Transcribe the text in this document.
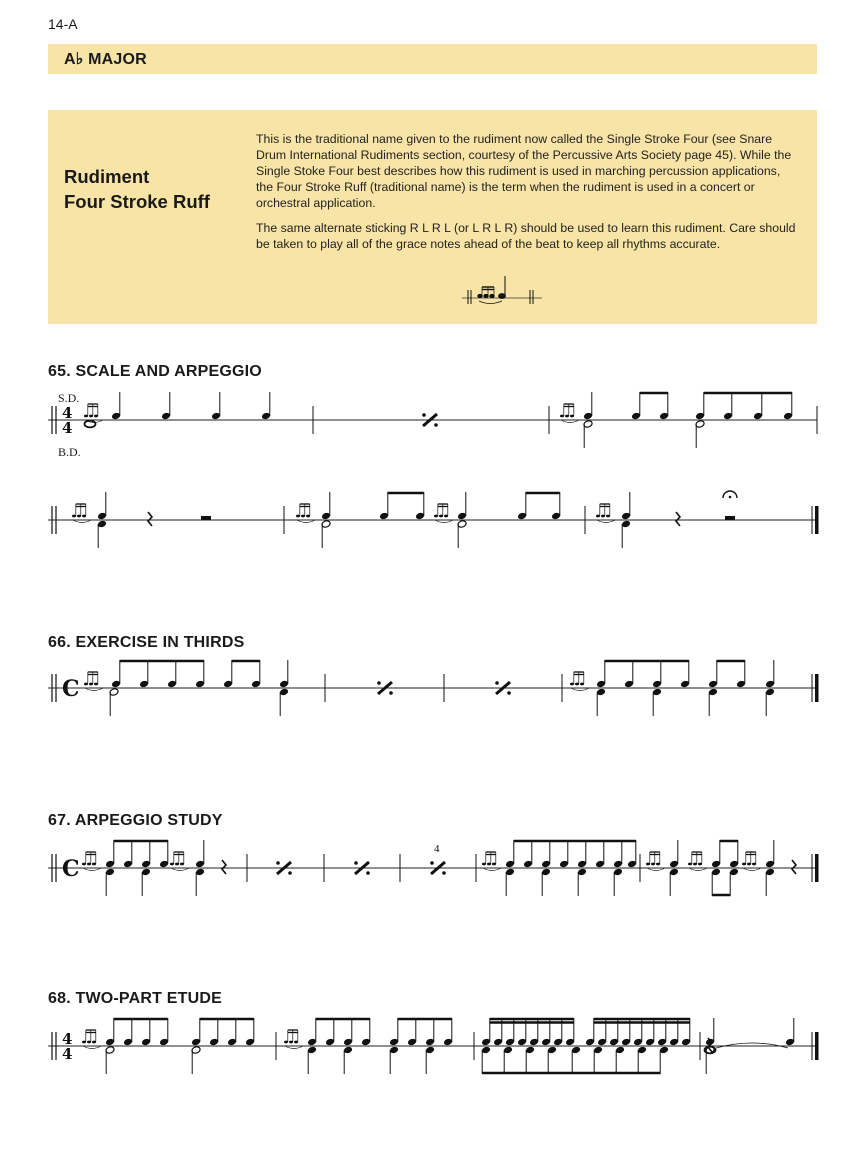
14-A
A♭ MAJOR
Rudiment
Four Stroke Ruff

This is the traditional name given to the rudiment now called the Single Stroke Four (see Snare Drum International Rudiments section, courtesy of the Percussive Arts Society page 45). While the Single Stoke Four best describes how this rudiment is used in marching percussion applications, the Four Stroke Ruff (traditional name) is the term when the rudiment is used in a concert or orchestral application.

The same alternate sticking R L R L (or L R L R) should be used to learn this rudiment. Care should be taken to play all of the grace notes ahead of the beat to keep all rhythms accurate.

65. SCALE AND ARPEGGIO
S.D.
B.D.
4
4
66. EXERCISE IN THIRDS
C
67. ARPEGGIO STUDY
C
4
68. TWO-PART ETUDE
4
4
